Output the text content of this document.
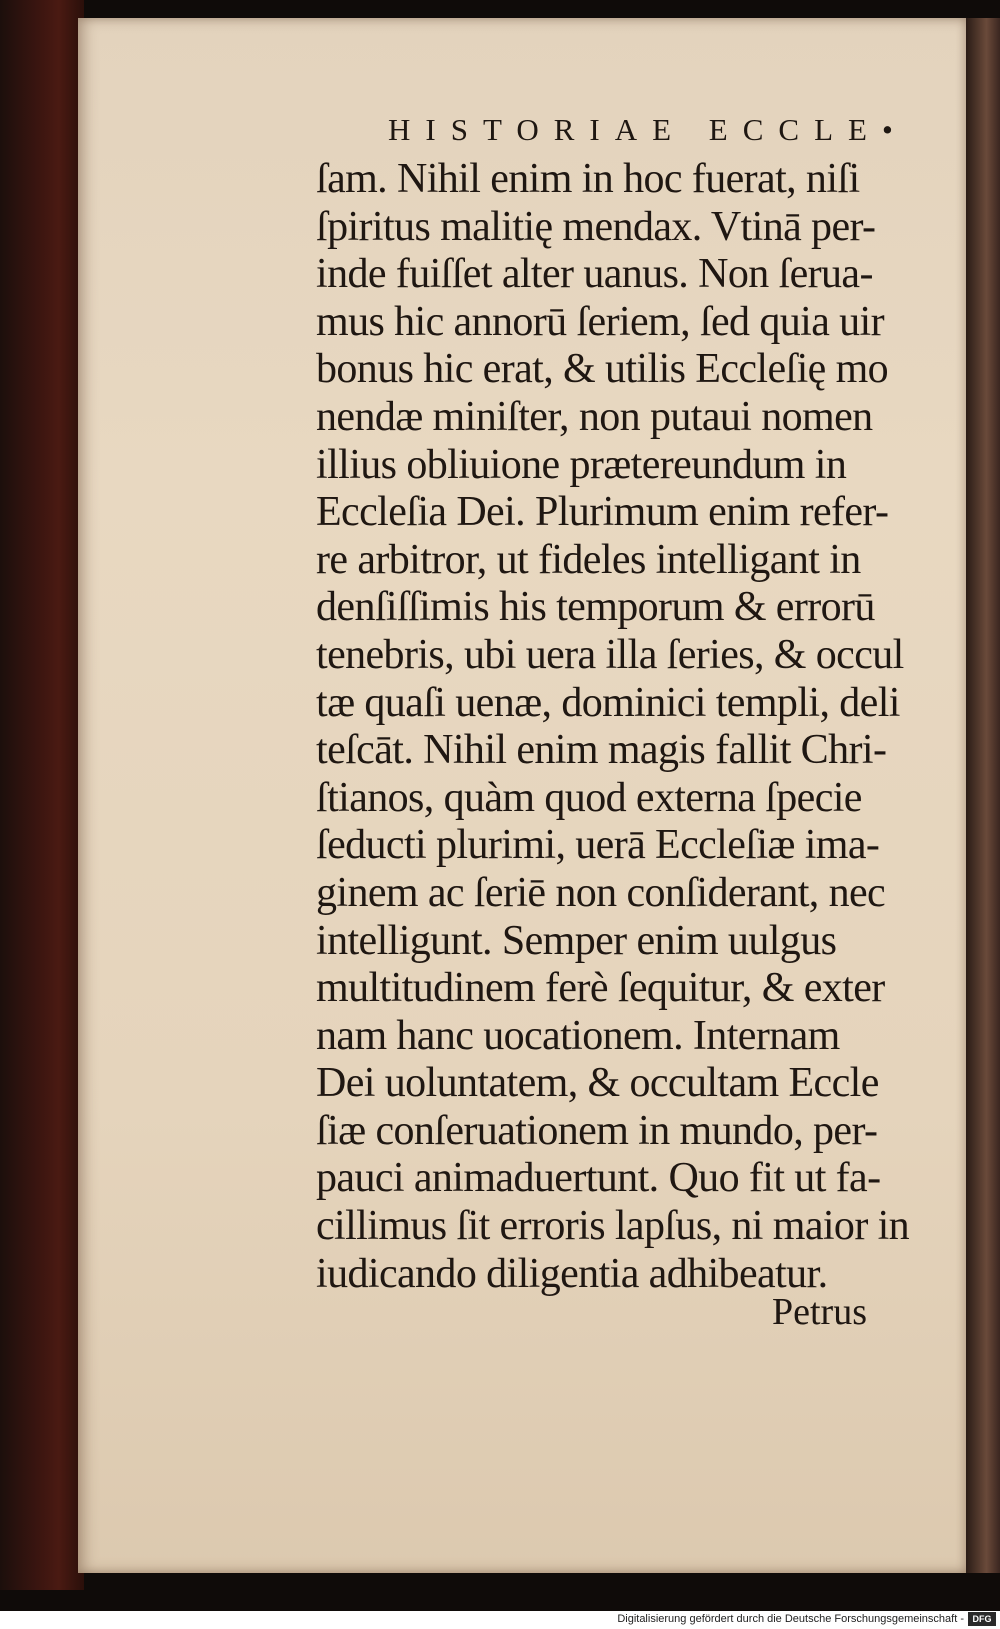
HISTORIAE ECCLE•
ſam. Nihil enim in hoc fuerat, niſi
ſpiritus malitię mendax. Vtinā per-
inde fuiſſet alter uanus. Non ſerua-
mus hic annorū ſeriem, ſed quia uir
bonus hic erat, & utilis Eccleſię mo
nendæ miniſter, non putaui nomen
illius obliuione prætereundum in
Eccleſia Dei. Plurimum enim refer-
re arbitror, ut fideles intelligant in
denſiſſimis his temporum & errorū
tenebris, ubi uera illa ſeries, & occul
tæ quaſi uenæ, dominici templi, deli
teſcāt. Nihil enim magis fallit Chri-
ſtianos, quàm quod externa ſpecie
ſeducti plurimi, uerā Eccleſiæ ima-
ginem ac ſeriē non conſiderant, nec
intelligunt. Semper enim uulgus
multitudinem ferè ſequitur, & exter
nam hanc uocationem. Internam
Dei uoluntatem, & occultam Eccle
ſiæ conſeruationem in mundo, per-
pauci animaduertunt. Quo fit ut fa-
cillimus ſit erroris lapſus, ni maior in
iudicando diligentia adhibeatur.
Petrus
Digitalisierung gefördert durch die Deutsche Forschungsgemeinschaft - DFG
